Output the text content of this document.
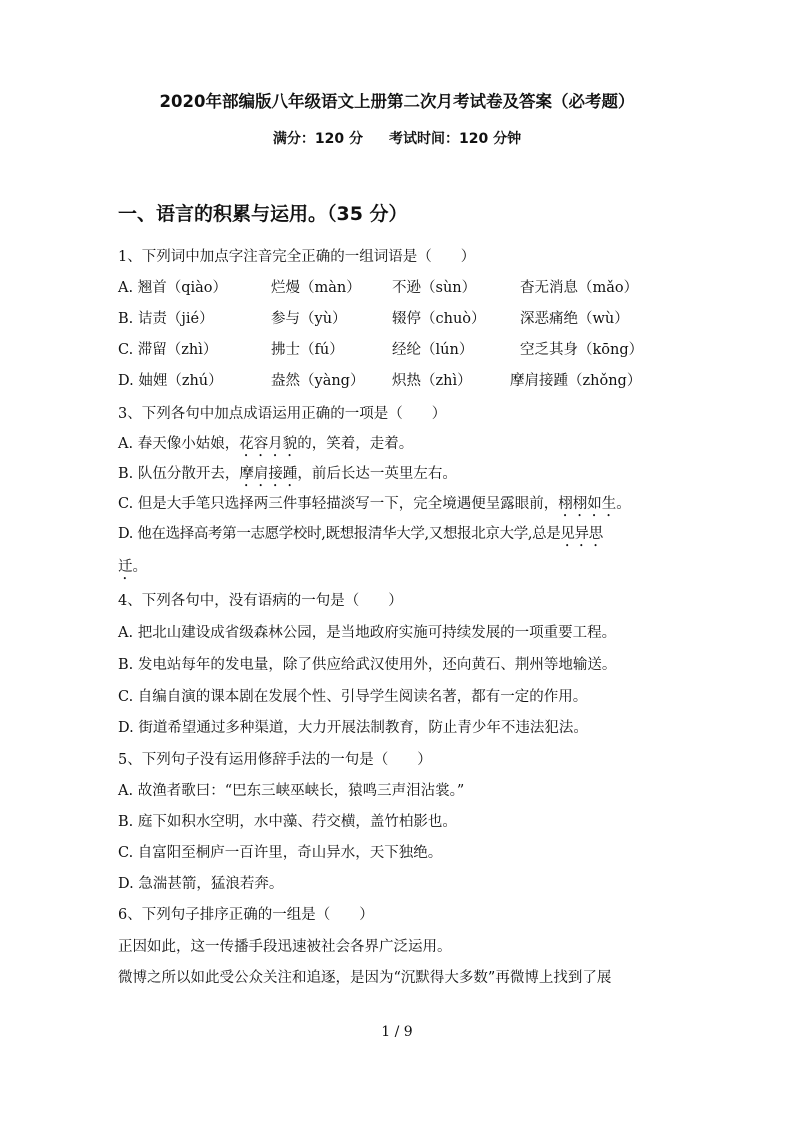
2020年部编版八年级语文上册第二次月考试卷及答案（必考题）
满分：120 分 考试时间：120 分钟
一、语言的积累与运用。（35 分）
1、下列词中加点字注音完全正确的一组词语是（　　）
A. 翘首（qiào）	烂熳（màn） 不逊（sùn）	杳无消息（mǎo）
B. 诘责（jié）	参与（yù）	辍停（chuò） 深恶痛绝（wù）
C. 滞留（zhì）	拂士（fú）	经纶（lún）	空乏其身（kōng）
D. 妯娌（zhú）	盎然（yàng） 炽热（zhì）	摩肩接踵（zhǒng）
3、下列各句中加点成语运用正确的一项是（　　）
A. 春天像小姑娘，花容月貌的，笑着，走着。
B. 队伍分散开去，摩肩接踵，前后长达一英里左右。
C. 但是大手笔只选择两三件事轻描淡写一下，完全境遇便呈露眼前，栩栩如生。
D. 他在选择高考第一志愿学校时,既想报清华大学,又想报北京大学,总是见异思
迁。
4、下列各句中，没有语病的一句是（　　）
A. 把北山建设成省级森林公园，是当地政府实施可持续发展的一项重要工程。
B. 发电站每年的发电量，除了供应给武汉使用外，还向黄石、荆州等地输送。
C. 自编自演的课本剧在发展个性、引导学生阅读名著，都有一定的作用。
D. 街道希望通过多种渠道，大力开展法制教育，防止青少年不违法犯法。
5、下列句子没有运用修辞手法的一句是（　　）
A. 故渔者歌曰：“巴东三峡巫峡长，猿鸣三声泪沾裳。”
B. 庭下如积水空明，水中藻、荇交横，盖竹柏影也。
C. 自富阳至桐庐一百许里，奇山异水，天下独绝。
D. 急湍甚箭，猛浪若奔。
6、下列句子排序正确的一组是（　　）
正因如此，这一传播手段迅速被社会各界广泛运用。
微博之所以如此受公众关注和追逐，是因为“沉默得大多数”再微博上找到了展
1 / 9
